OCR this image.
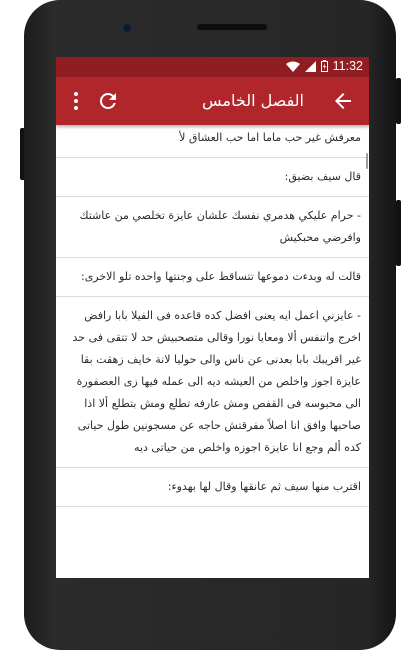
11:32
الفصل الخامس

معرفش غير حب ماما اما حب العشاق لأ

قال سيف بضيق:

- حرام عليكي هدمري نفسك علشان عايزة تخلصي من عاشتك وافرضي محبكيش

قالت له وبدءت دموعها تتساقط على وجنتها واحده تلو الاخرى:

- عايزني اعمل ايه يعنى افضل كده قاعده فى الفيلا بابا رافض اخرج واتنفس ألا ومعايا نورا وقالى متصحبيش حد لا تتقى فى حد غير اقريبك بابا بعدنى عن ناس والى حوليا لانة خايف زهقت بقا عايزة اجوز واخلص من العيشه ديه الى عمله فيها زى العصفورة الى محبوسه فى القفص ومش عارفه تطلع ومش بتطلع ألا اذا صاحبها وافق انا اصلاً مفرقتش حاجه عن مسجونين طول حياتى كده ألم وجع انا عايزة اجوزه واخلص من حياتى ديه

اقترب منها سيف ثم عانقها وقال لها بهدوء:
